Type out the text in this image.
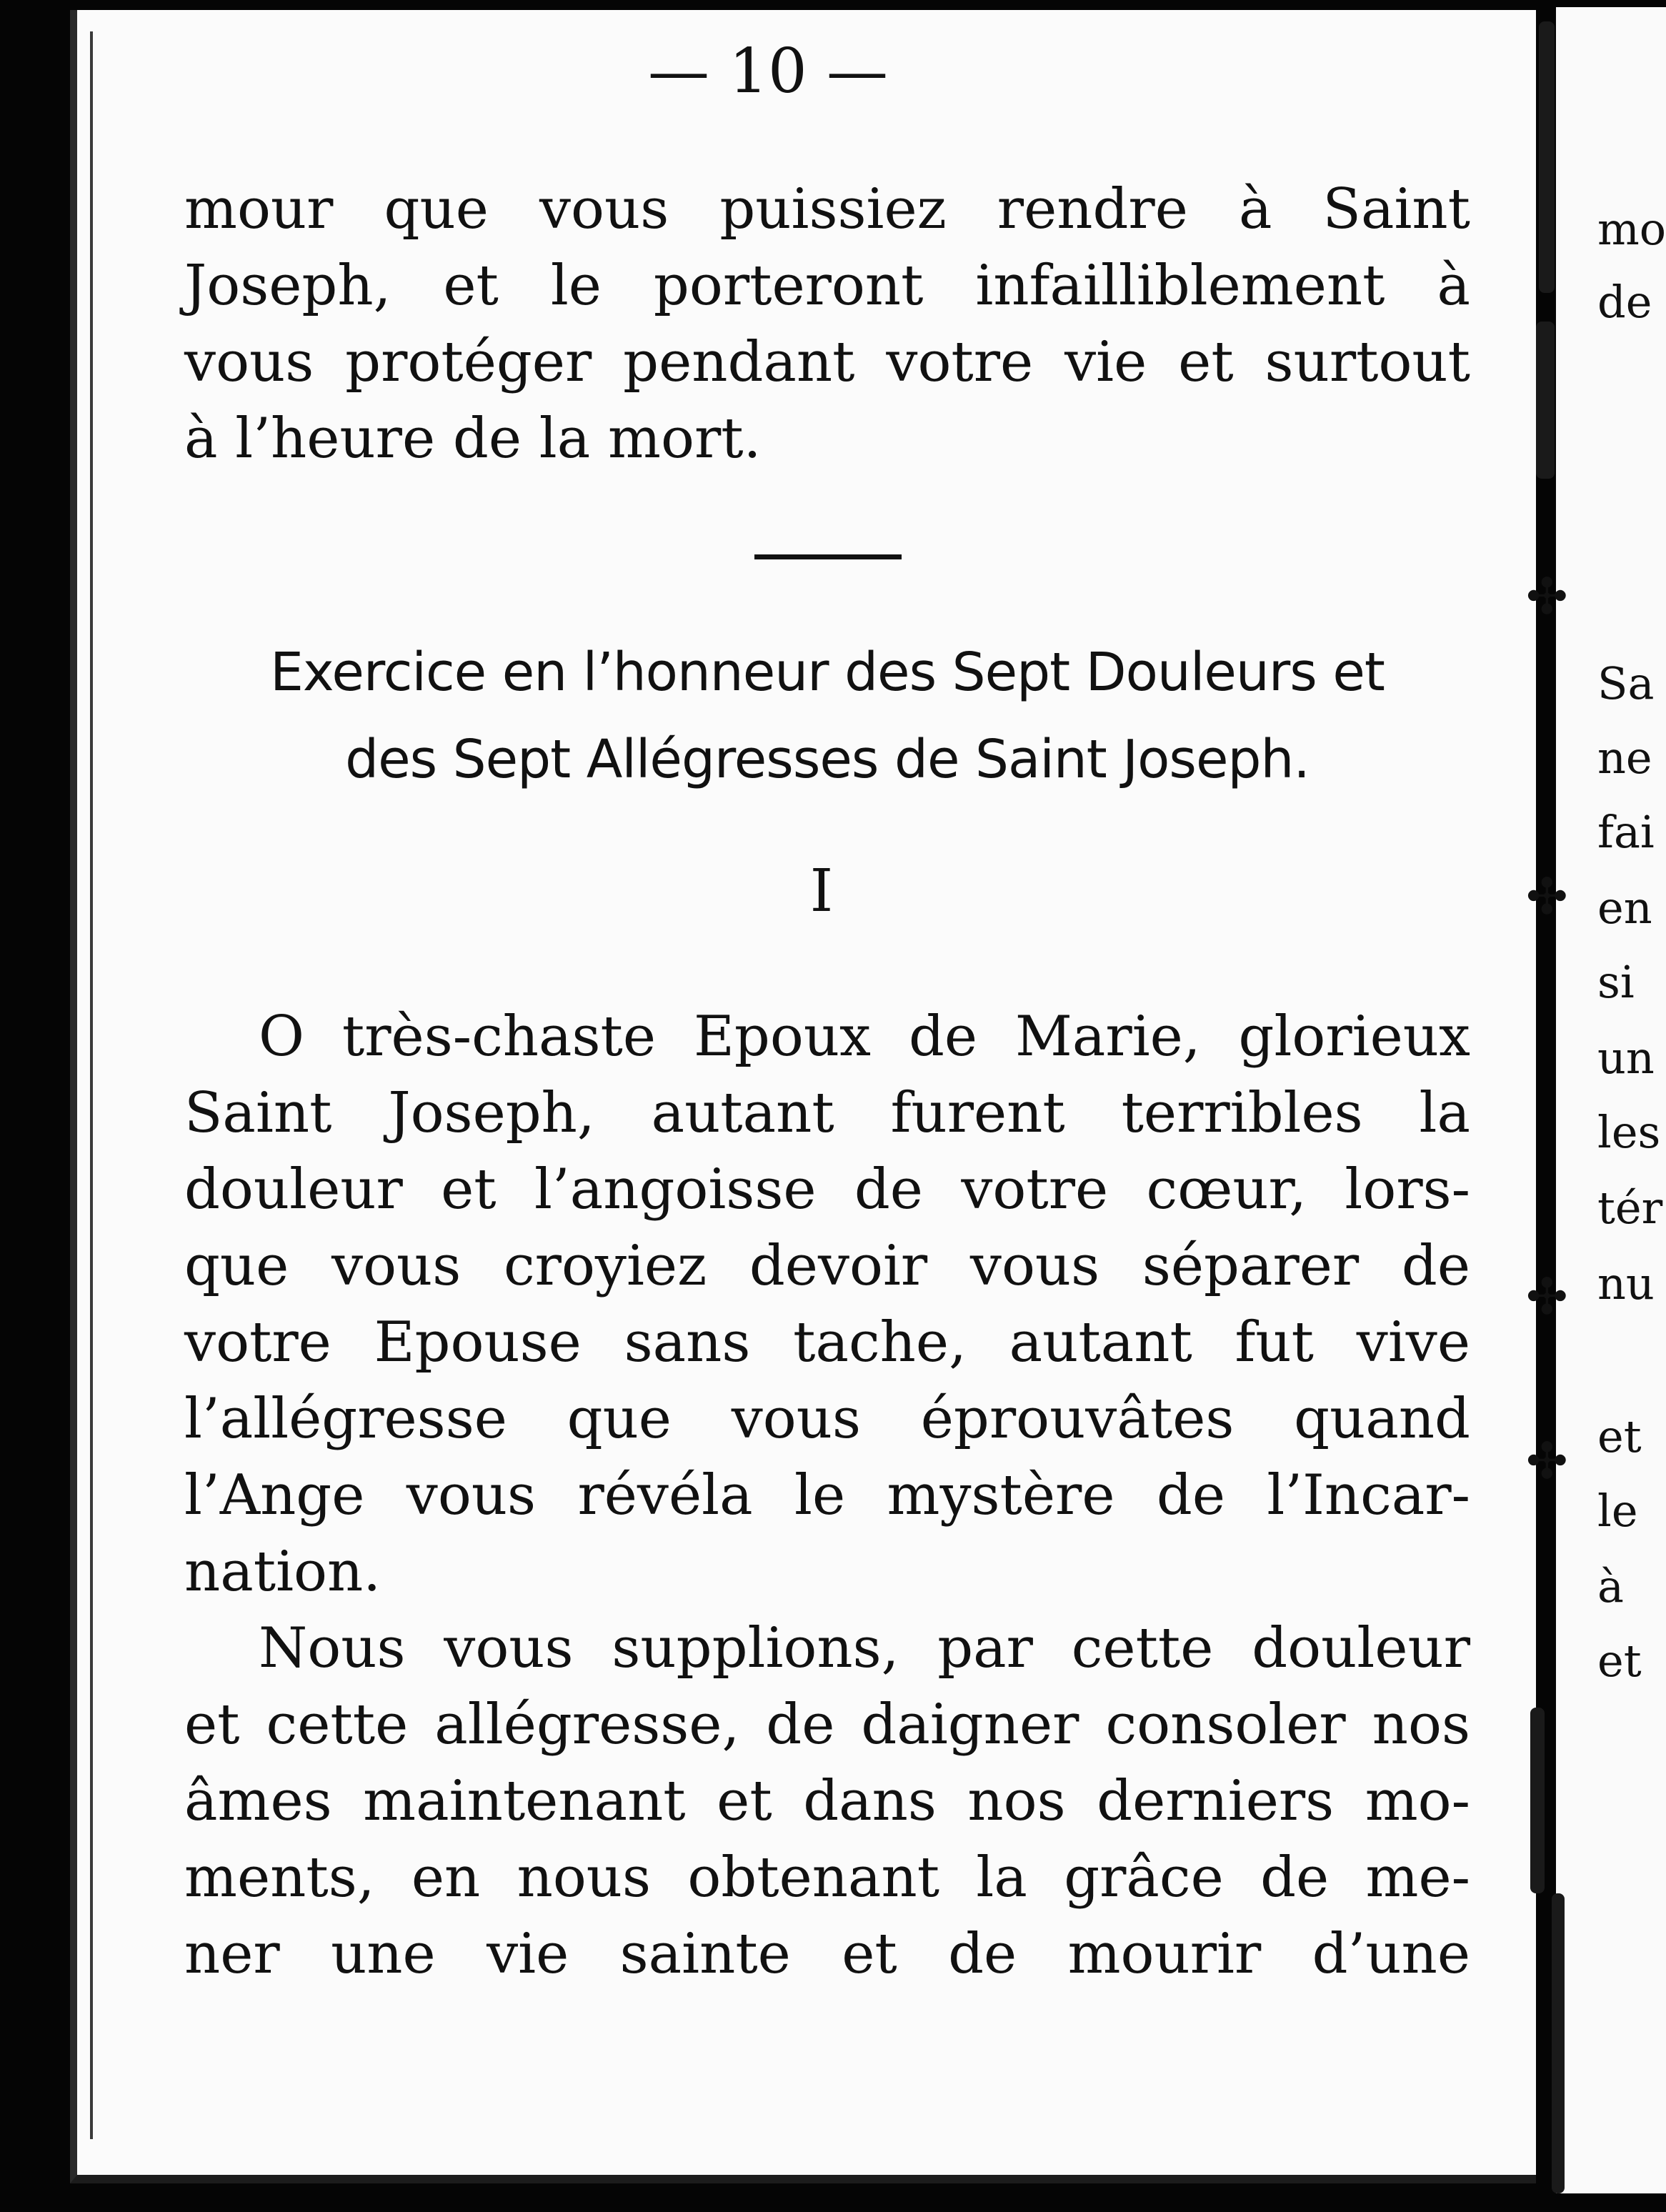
✣
✣
✣
✣
— 10 —
mour que vous puissiez rendre à Saint
Joseph, et le porteront infailliblement à
vous protéger pendant votre vie et surtout
à l’heure de la mort.
Exercice en l’honneur des Sept Douleurs et
des Sept Allégresses de Saint Joseph.
I
O très-chaste Epoux de Marie, glorieux
Saint Joseph, autant furent terribles la
douleur et l’angoisse de votre cœur, lors-
que vous croyiez devoir vous séparer de
votre Epouse sans tache, autant fut vive
l’allégresse que vous éprouvâtes quand
l’Ange vous révéla le mystère de l’Incar-
nation.
Nous vous supplions, par cette douleur
et cette allégresse, de daigner consoler nos
âmes maintenant et dans nos derniers mo-
ments, en nous obtenant la grâce de me-
ner une vie sainte et de mourir d’une
mo
de
Sa
ne
fai
en
si
un
les
tér
nu
et
le
à
et
